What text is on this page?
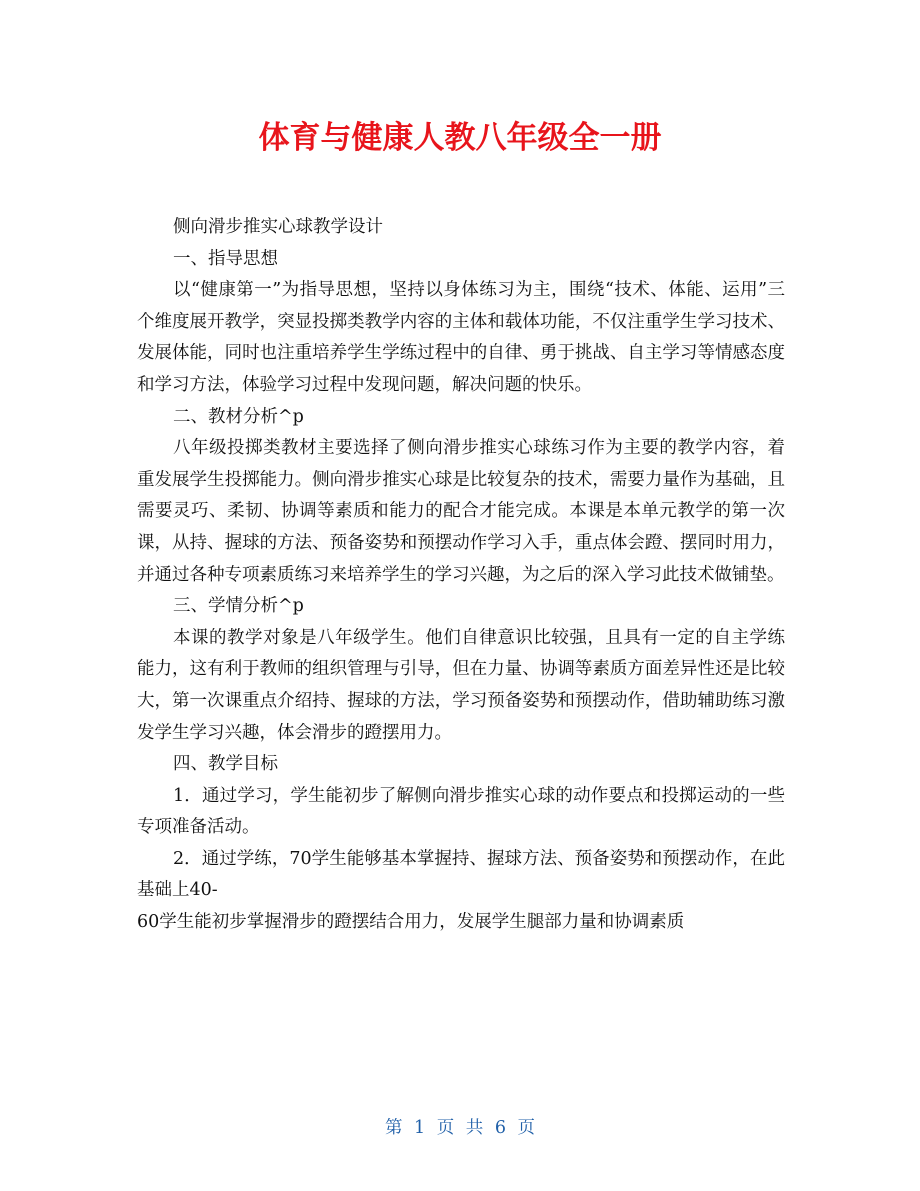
体育与健康人教八年级全一册

侧向滑步推实心球教学设计

一、指导思想

以“健康第一”为指导思想，坚持以身体练习为主，围绕“技术、体能、运用”三个维度展开教学，突显投掷类教学内容的主体和载体功能，不仅注重学生学习技术、发展体能，同时也注重培养学生学练过程中的自律、勇于挑战、自主学习等情感态度和学习方法，体验学习过程中发现问题，解决问题的快乐。

二、教材分析^p

八年级投掷类教材主要选择了侧向滑步推实心球练习作为主要的教学内容，着重发展学生投掷能力。侧向滑步推实心球是比较复杂的技术，需要力量作为基础，且需要灵巧、柔韧、协调等素质和能力的配合才能完成。本课是本单元教学的第一次课，从持、握球的方法、预备姿势和预摆动作学习入手，重点体会蹬、摆同时用力，并通过各种专项素质练习来培养学生的学习兴趣，为之后的深入学习此技术做铺垫。

三、学情分析^p

本课的教学对象是八年级学生。他们自律意识比较强，且具有一定的自主学练能力，这有利于教师的组织管理与引导，但在力量、协调等素质方面差异性还是比较大，第一次课重点介绍持、握球的方法，学习预备姿势和预摆动作，借助辅助练习激发学生学习兴趣，体会滑步的蹬摆用力。

四、教学目标

1．通过学习，学生能初步了解侧向滑步推实心球的动作要点和投掷运动的一些专项准备活动。

2．通过学练，70学生能够基本掌握持、握球方法、预备姿势和预摆动作，在此基础上40-

60学生能初步掌握滑步的蹬摆结合用力，发展学生腿部力量和协调素质

第 1 页 共 6 页
